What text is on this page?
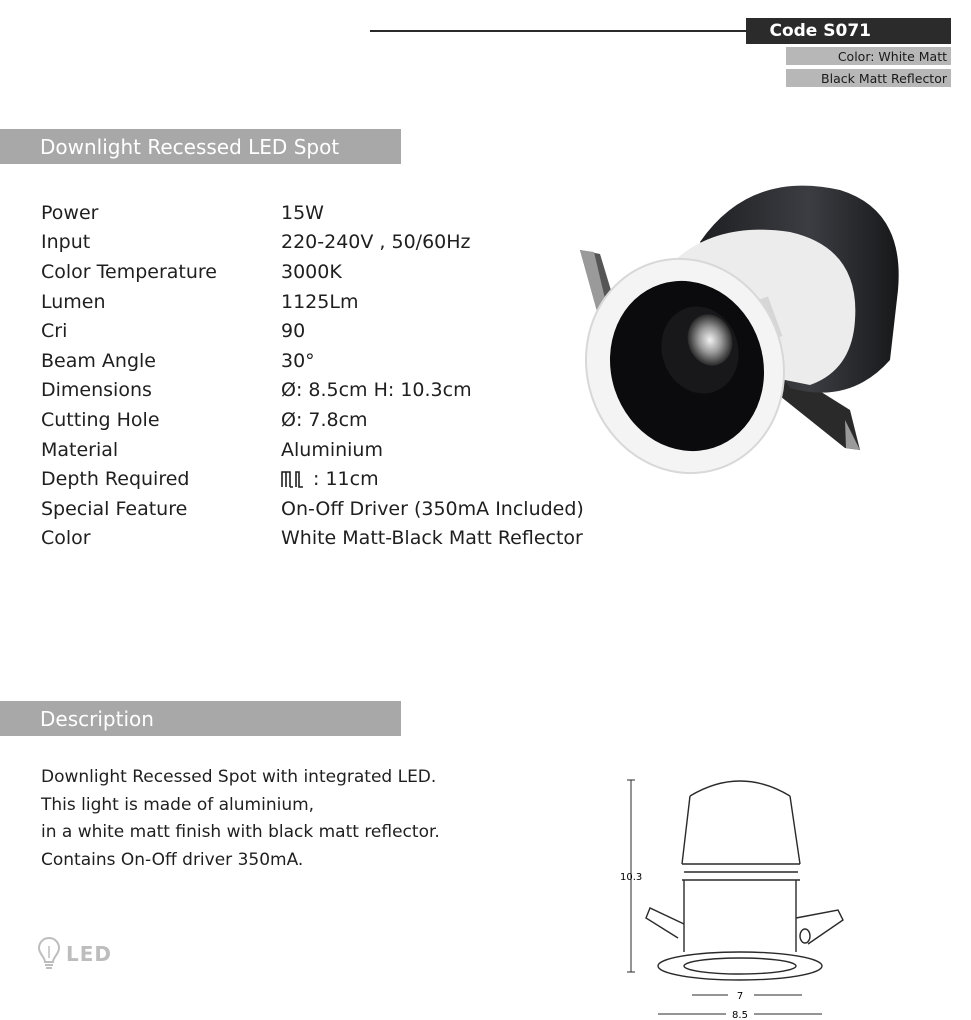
Code S071
Color: White Matt
Black Matt Reflector
Downlight Recessed LED Spot
Power	15W
Input	220-240V , 50/60Hz
Color Temperature	3000K
Lumen	1125Lm
Cri	90
Beam Angle	30°
Dimensions	Ø: 8.5cm H: 10.3cm
Cutting Hole	Ø: 7.8cm
Material	Aluminium
Depth Required	: 11cm
Special Feature	On-Off Driver (350mA Included)
Color	White Matt-Black Matt Reflector
Description
Downlight Recessed Spot with integrated LED.
This light is made of aluminium,
in a white matt finish with black matt reflector.
Contains On-Off driver 350mA.
LED
10.3
7
8.5
